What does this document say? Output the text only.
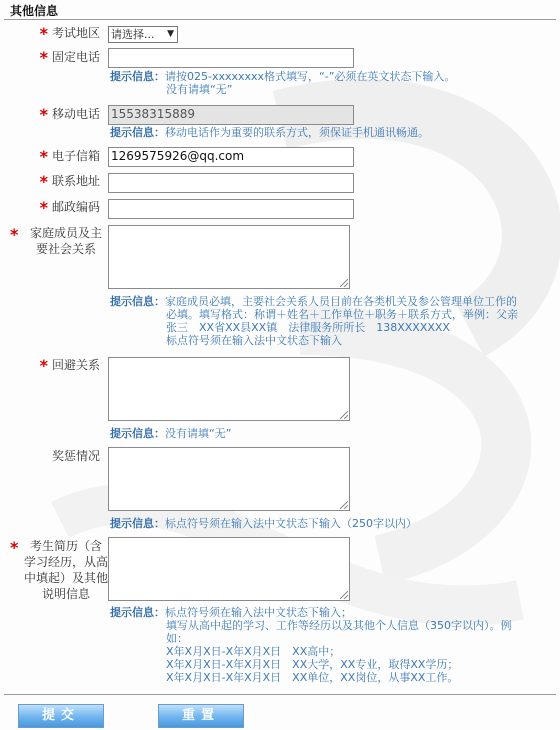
其他信息
* 考试地区 请选择... ▼
* 固定电话
提示信息：请按025-xxxxxxxx格式填写，“-”必须在英文状态下输入。
没有请填“无”
* 移动电话 15538315889
提示信息：移动电话作为重要的联系方式，须保证手机通讯畅通。
* 电子信箱 1269575926@qq.com
* 联系地址
* 邮政编码
* 家庭成员及主
要社会关系
提示信息：家庭成员必填，主要社会关系人员目前在各类机关及参公管理单位工作的
必填。填写格式：称谓＋姓名＋工作单位＋职务＋联系方式，举例：父亲
张三　XX省XX县XX镇　法律服务所所长　138XXXXXXX
标点符号须在输入法中文状态下输入
* 回避关系
提示信息：没有请填“无”
奖惩情况
提示信息：标点符号须在输入法中文状态下输入（250字以内）
* 考生简历（含
学习经历，从高
中填起）及其他
说明信息
提示信息：标点符号须在输入法中文状态下输入；
填写从高中起的学习、工作等经历以及其他个人信息（350字以内）。例
如：
X年X月X日-X年X月X日　XX高中；
X年X月X日-X年X月X日　XX大学，XX专业，取得XX学历；
X年X月X日-X年X月X日　XX单位，XX岗位，从事XX工作。
提交	重置
